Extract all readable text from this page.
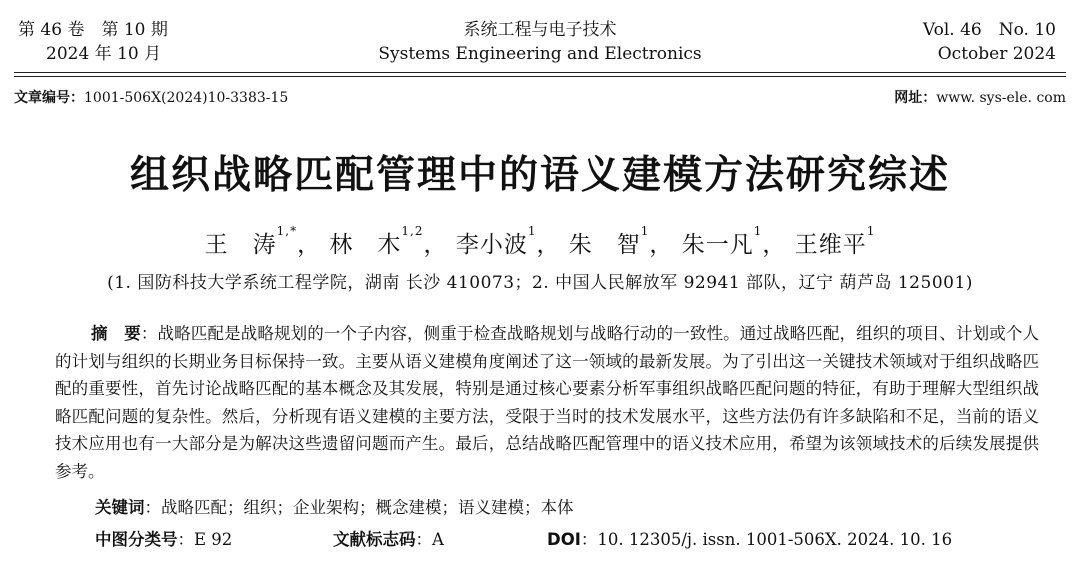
第 46 卷　第 10 期
2024 年 10 月
系统工程与电子技术
Systems Engineering and Electronics
Vol. 46　No. 10
October 2024
文章编号：1001-506X(2024)10-3383-15	网址：www. sys-ele. com
组织战略匹配管理中的语义建模方法研究综述
王　涛$^{1,*}$， 林　木$^{1,2}$， 李小波$^1$， 朱　智$^1$， 朱一凡$^1$， 王维平$^1$
(1. 国防科技大学系统工程学院，湖南 长沙 410073；2. 中国人民解放军 92941 部队，辽宁 葫芦岛 125001)
摘　要：战略匹配是战略规划的一个子内容，侧重于检查战略规划与战略行动的一致性。通过战略匹配，组织的项目、计划或个人的计划与组织的长期业务目标保持一致。主要从语义建模角度阐述了这一领域的最新发展。为了引出这一关键技术领域对于组织战略匹配的重要性，首先讨论战略匹配的基本概念及其发展，特别是通过核心要素分析军事组织战略匹配问题的特征，有助于理解大型组织战略匹配问题的复杂性。然后，分析现有语义建模的主要方法，受限于当时的技术发展水平，这些方法仍有许多缺陷和不足，当前的语义技术应用也有一大部分是为解决这些遗留问题而产生。最后，总结战略匹配管理中的语义技术应用，希望为该领域技术的后续发展提供参考。
关键词：战略匹配；组织；企业架构；概念建模；语义建模；本体
中图分类号：E 92	文献标志码：A	DOI：10. 12305/j. issn. 1001-506X. 2024. 10. 16
